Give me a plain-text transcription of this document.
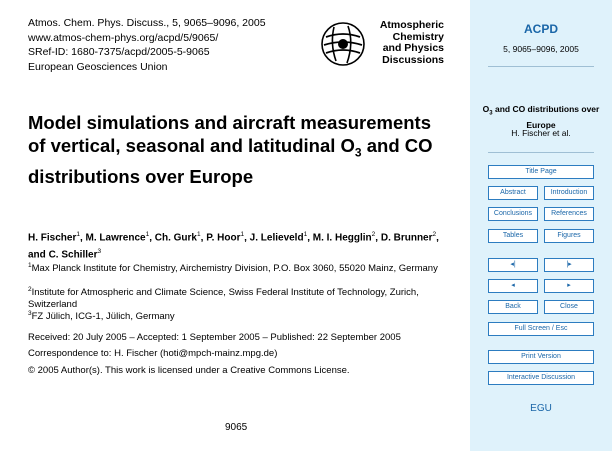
Atmos. Chem. Phys. Discuss., 5, 9065–9096, 2005
www.atmos-chem-phys.org/acpd/5/9065/
SRef-ID: 1680-7375/acpd/2005-5-9065
European Geosciences Union
Atmospheric
Chemistry
and Physics
Discussions
Model simulations and aircraft measurements of vertical, seasonal and latitudinal $O_3$ and CO distributions over Europe
H. Fischer$^1$, M. Lawrence$^1$, Ch. Gurk$^1$, P. Hoor$^1$, J. Lelieveld$^1$, M. I. Hegglin$^2$, D. Brunner$^2$, and C. Schiller$^3$
$^1$Max Planck Institute for Chemistry, Airchemistry Division, P.O. Box 3060, 55020 Mainz, Germany
$^2$Institute for Atmospheric and Climate Science, Swiss Federal Institute of Technology, Zurich, Switzerland
$^3$FZ Jülich, ICG-1, Jülich, Germany
Received: 20 July 2005 – Accepted: 1 September 2005 – Published: 22 September 2005
Correspondence to: H. Fischer (hoti@mpch-mainz.mpg.de)
© 2005 Author(s). This work is licensed under a Creative Commons License.
9065
ACPD
5, 9065–9096, 2005
$O_3$ and CO distributions over Europe
H. Fischer et al.
Title Page
Abstract	Introduction
Conclusions	References
Tables	Figures
◂|	|▸
◂	▸
Back	Close
Full Screen / Esc
Print Version
Interactive Discussion
EGU
